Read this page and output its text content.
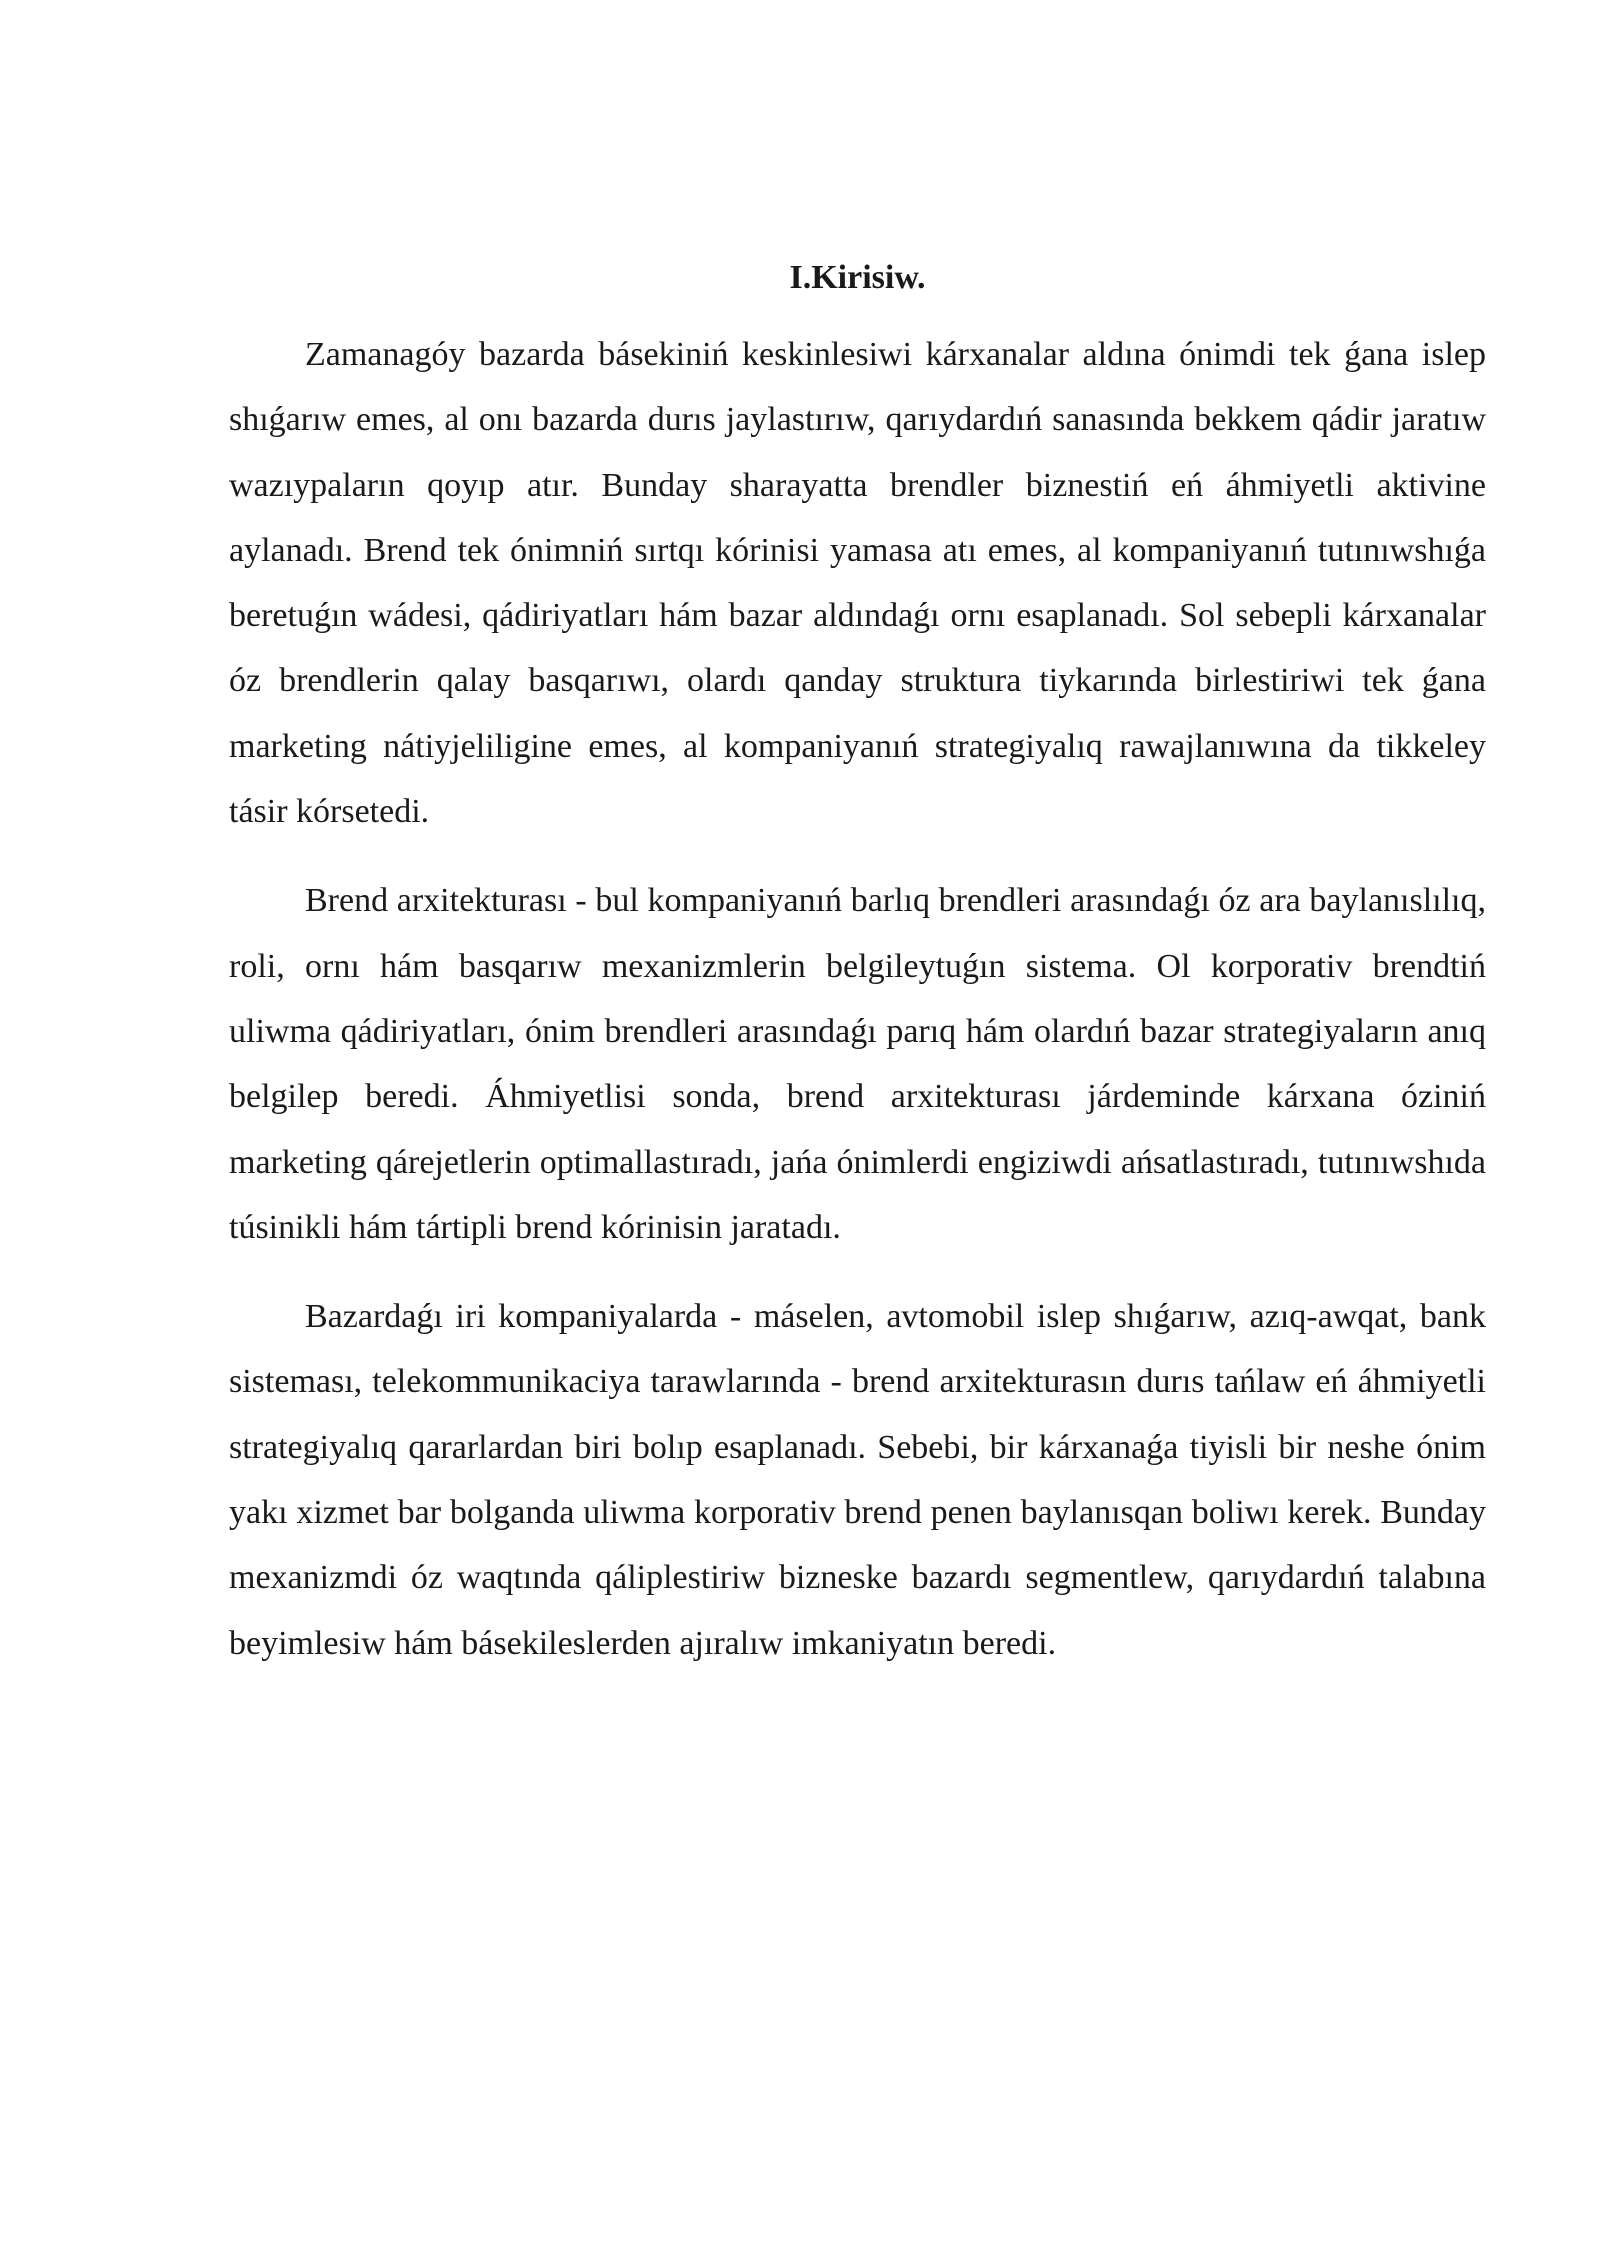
I.Kirisiw.

Zamanagóy bazarda básekiniń keskinlesiwi kárxanalar aldına ónimdi tek ǵana islep shıǵarıw emes, al onı bazarda durıs jaylastırıw, qarıydardıń sanasında bekkem qádir jaratıw wazıypaların qoyıp atır. Bunday sharayatta brendler biznestiń eń áhmiyetli aktivine aylanadı. Brend tek ónimniń sırtqı kórinisi yamasa atı emes, al kompaniyanıń tutınıwshıǵa beretuǵın wádesi, qádiriyatları hám bazar aldındaǵı ornı esaplanadı. Sol sebepli kárxanalar óz brendlerin qalay basqarıwı, olardı qanday struktura tiykarında birlestiriwi tek ǵana marketing nátiyjeliligine emes, al kompaniyanıń strategiyalıq rawajlanıwına da tikkeley tásir kórsetedi.

Brend arxitekturası - bul kompaniyanıń barlıq brendleri arasındaǵı óz ara baylanıslılıq, roli, ornı hám basqarıw mexanizmlerin belgileytuǵın sistema. Ol korporativ brendtiń uliwma qádiriyatları, ónim brendleri arasındaǵı parıq hám olardıń bazar strategiyaların anıq belgilep beredi. Áhmiyetlisi sonda, brend arxitekturası járdeminde kárxana óziniń marketing qárejetlerin optimallastıradı, jańa ónimlerdi engiziwdi ańsatlastıradı, tutınıwshıda túsinikli hám tártipli brend kórinisin jaratadı.

Bazardaǵı iri kompaniyalarda - máselen, avtomobil islep shıǵarıw, azıq-awqat, bank sisteması, telekommunikaciya tarawlarında - brend arxitekturasın durıs tańlaw eń áhmiyetli strategiyalıq qararlardan biri bolıp esaplanadı. Sebebi, bir kárxanaǵa tiyisli bir neshe ónim yakı xizmet bar bolganda uliwma korporativ brend penen baylanısqan boliwı kerek. Bunday mexanizmdi óz waqtında qáliplestiriw bizneske bazardı segmentlew, qarıydardıń talabına beyimlesiw hám básekileslerden ajıralıw imkaniyatın beredi.
